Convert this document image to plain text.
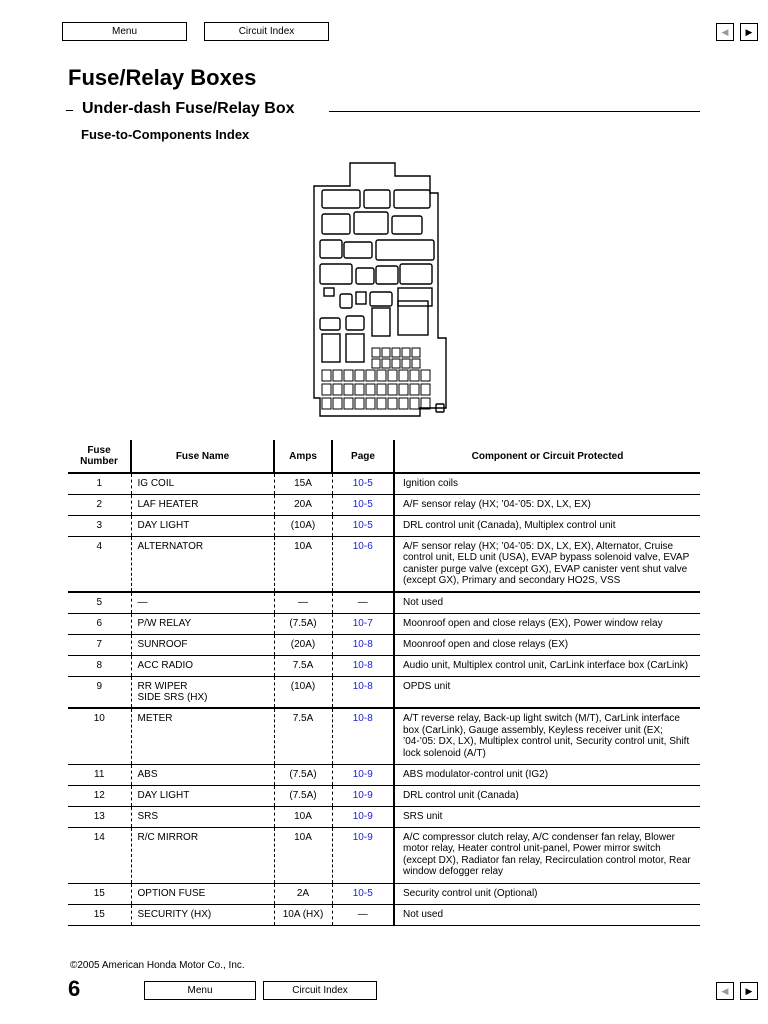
Menu	Circuit Index	◀ ▶
Fuse/Relay Boxes
Under-dash Fuse/Relay Box
Fuse-to-Components Index
Fuse
Number	Fuse Name	Amps	Page	Component or Circuit Protected
1	IG COIL	15A	10-5	Ignition coils
2	LAF HEATER	20A	10-5	A/F sensor relay (HX; ’04-’05: DX, LX, EX)
3	DAY LIGHT	(10A)	10-5	DRL control unit (Canada), Multiplex control unit
4	ALTERNATOR	10A	10-6	A/F sensor relay (HX; ’04-’05: DX, LX, EX), Alternator, Cruise control unit, ELD unit (USA), EVAP bypass solenoid valve, EVAP canister purge valve (except GX), EVAP canister vent shut valve (except GX), Primary and secondary HO2S, VSS
5	—	—	—	Not used
6	P/W RELAY	(7.5A)	10-7	Moonroof open and close relays (EX), Power window relay
7	SUNROOF	(20A)	10-8	Moonroof open and close relays (EX)
8	ACC RADIO	7.5A	10-8	Audio unit, Multiplex control unit, CarLink interface box (CarLink)
9	RR WIPER
SIDE SRS (HX)	(10A)	10-8	OPDS unit
10	METER	7.5A	10-8	A/T reverse relay, Back-up light switch (M/T), CarLink interface box (CarLink), Gauge assembly, Keyless receiver unit (EX; ’04-’05: DX, LX), Multiplex control unit, Security control unit, Shift lock solenoid (A/T)
11	ABS	(7.5A)	10-9	ABS modulator-control unit (IG2)
12	DAY LIGHT	(7.5A)	10-9	DRL control unit (Canada)
13	SRS	10A	10-9	SRS unit
14	R/C MIRROR	10A	10-9	A/C compressor clutch relay, A/C condenser fan relay, Blower motor relay, Heater control unit-panel, Power mirror switch (except DX), Radiator fan relay, Recirculation control motor, Rear window defogger relay
15	OPTION FUSE	2A	10-5	Security control unit (Optional)
15	SECURITY (HX)	10A (HX)	—	Not used
©2005 American Honda Motor Co., Inc.
6	Menu	Circuit Index	◀ ▶
